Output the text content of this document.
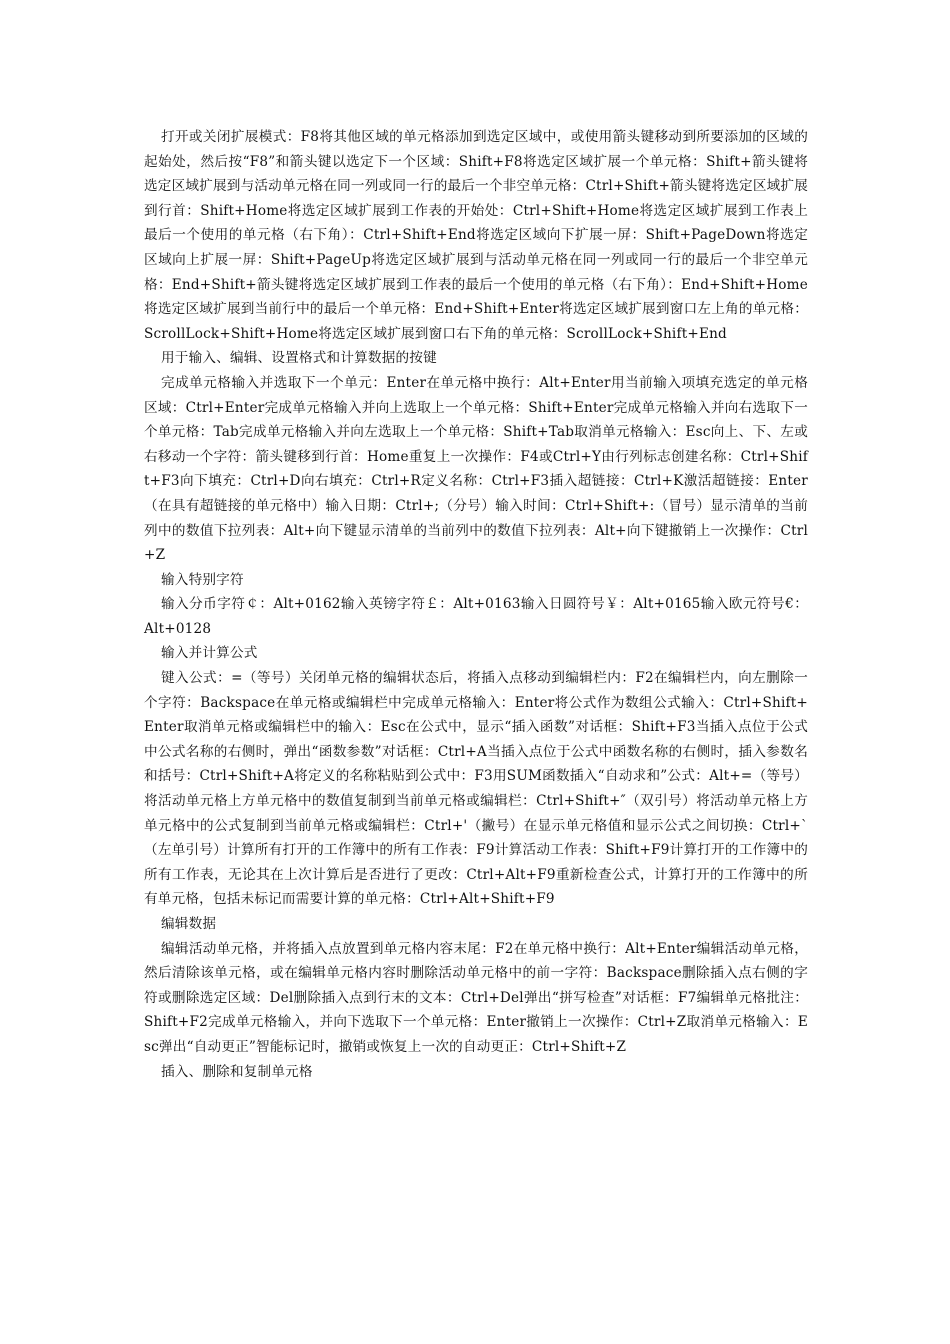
打开或关闭扩展模式：F8将其他区域的单元格添加到选定区域中，或使用箭头键移动到所要添加的区域的起始处，然后按“F8”和箭头键以选定下一个区域：Shift+F8将选定区域扩展一个单元格：Shift+箭头键将选定区域扩展到与活动单元格在同一列或同一行的最后一个非空单元格：Ctrl+Shift+箭头键将选定区域扩展到行首：Shift+Home将选定区域扩展到工作表的开始处：Ctrl+Shift+Home将选定区域扩展到工作表上最后一个使用的单元格（右下角）：Ctrl+Shift+End将选定区域向下扩展一屏：Shift+PageDown将选定区域向上扩展一屏：Shift+PageUp将选定区域扩展到与活动单元格在同一列或同一行的最后一个非空单元格：End+Shift+箭头键将选定区域扩展到工作表的最后一个使用的单元格（右下角）：End+Shift+Home将选定区域扩展到当前行中的最后一个单元格：End+Shift+Enter将选定区域扩展到窗口左上角的单元格：ScrollLock+Shift+Home将选定区域扩展到窗口右下角的单元格：ScrollLock+Shift+End

用于输入、编辑、设置格式和计算数据的按键

完成单元格输入并选取下一个单元：Enter在单元格中换行：Alt+Enter用当前输入项填充选定的单元格区域：Ctrl+Enter完成单元格输入并向上选取上一个单元格：Shift+Enter完成单元格输入并向右选取下一个单元格：Tab完成单元格输入并向左选取上一个单元格：Shift+Tab取消单元格输入：Esc向上、下、左或右移动一个字符：箭头键移到行首：Home重复上一次操作：F4或Ctrl+Y由行列标志创建名称：Ctrl+Shift+F3向下填充：Ctrl+D向右填充：Ctrl+R定义名称：Ctrl+F3插入超链接：Ctrl+K激活超链接：Enter（在具有超链接的单元格中）输入日期：Ctrl+;（分号）输入时间：Ctrl+Shift+:（冒号）显示清单的当前列中的数值下拉列表：Alt+向下键显示清单的当前列中的数值下拉列表：Alt+向下键撤销上一次操作：Ctrl+Z

输入特别字符

输入分币字符￠：Alt+0162输入英镑字符￡：Alt+0163输入日圆符号￥：Alt+0165输入欧元符号€：Alt+0128

输入并计算公式

键入公式：=（等号）关闭单元格的编辑状态后，将插入点移动到编辑栏内：F2在编辑栏内，向左删除一个字符：Backspace在单元格或编辑栏中完成单元格输入：Enter将公式作为数组公式输入：Ctrl+Shift+Enter取消单元格或编辑栏中的输入：Esc在公式中，显示“插入函数”对话框：Shift+F3当插入点位于公式中公式名称的右侧时，弹出“函数参数”对话框：Ctrl+A当插入点位于公式中函数名称的右侧时，插入参数名和括号：Ctrl+Shift+A将定义的名称粘贴到公式中：F3用SUM函数插入“自动求和”公式：Alt+=（等号）将活动单元格上方单元格中的数值复制到当前单元格或编辑栏：Ctrl+Shift+″（双引号）将活动单元格上方单元格中的公式复制到当前单元格或编辑栏：Ctrl+'（撇号）在显示单元格值和显示公式之间切换：Ctrl+`（左单引号）计算所有打开的工作簿中的所有工作表：F9计算活动工作表：Shift+F9计算打开的工作簿中的所有工作表，无论其在上次计算后是否进行了更改：Ctrl+Alt+F9重新检查公式，计算打开的工作簿中的所有单元格，包括未标记而需要计算的单元格：Ctrl+Alt+Shift+F9

编辑数据

编辑活动单元格，并将插入点放置到单元格内容末尾：F2在单元格中换行：Alt+Enter编辑活动单元格，然后清除该单元格，或在编辑单元格内容时删除活动单元格中的前一字符：Backspace删除插入点右侧的字符或删除选定区域：Del删除插入点到行末的文本：Ctrl+Del弹出“拼写检查”对话框：F7编辑单元格批注：Shift+F2完成单元格输入，并向下选取下一个单元格：Enter撤销上一次操作：Ctrl+Z取消单元格输入：Esc弹出“自动更正”智能标记时，撤销或恢复上一次的自动更正：Ctrl+Shift+Z

插入、删除和复制单元格
